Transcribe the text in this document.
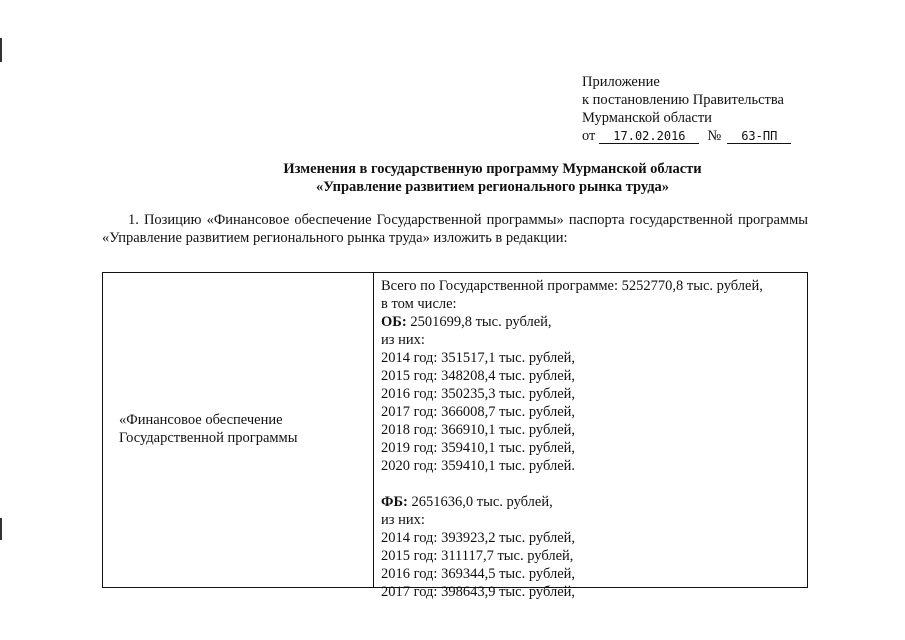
Приложение
к постановлению Правительства
Мурманской области
от 17.02.2016 № 63-ПП
Изменения в государственную программу Мурманской области
«Управление развитием регионального рынка труда»
1. Позицию «Финансовое обеспечение Государственной программы» паспорта государственной программы «Управление развитием регионального рынка труда» изложить в редакции:
«Финансовое обеспечение
Государственной программы
Всего по Государственной программе: 5252770,8 тыс. рублей,
в том числе:
ОБ: 2501699,8 тыс. рублей,
из них:
2014 год: 351517,1 тыс. рублей,
2015 год: 348208,4 тыс. рублей,
2016 год: 350235,3 тыс. рублей,
2017 год: 366008,7 тыс. рублей,
2018 год: 366910,1 тыс. рублей,
2019 год: 359410,1 тыс. рублей,
2020 год: 359410,1 тыс. рублей.
ФБ: 2651636,0 тыс. рублей,
из них:
2014 год: 393923,2 тыс. рублей,
2015 год: 311117,7 тыс. рублей,
2016 год: 369344,5 тыс. рублей,
2017 год: 398643,9 тыс. рублей,
